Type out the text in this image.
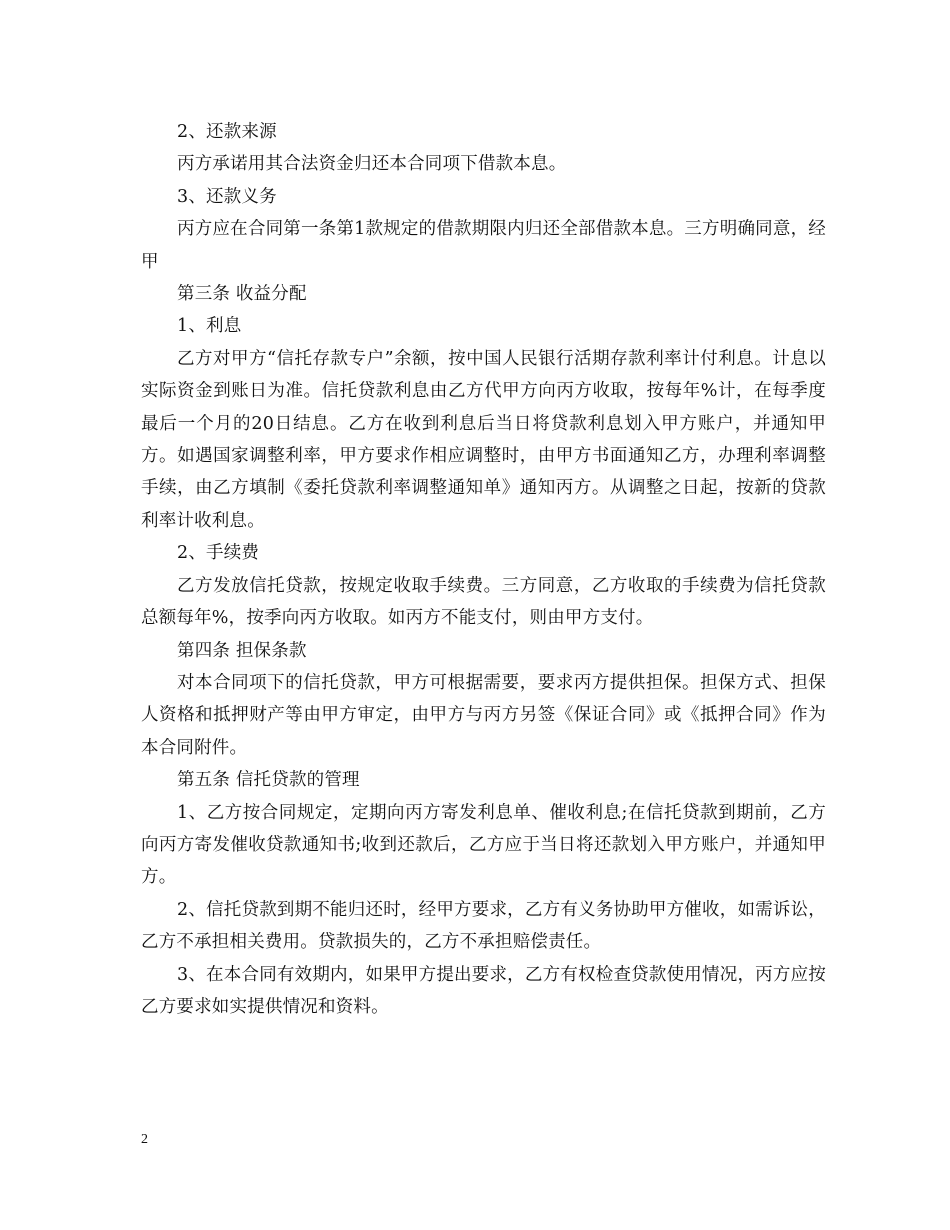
2、还款来源

丙方承诺用其合法资金归还本合同项下借款本息。

3、还款义务

丙方应在合同第一条第1款规定的借款期限内归还全部借款本息。三方明确同意，经甲

第三条 收益分配

1、利息

乙方对甲方“信托存款专户”余额，按中国人民银行活期存款利率计付利息。计息以实际资金到账日为准。信托贷款利息由乙方代甲方向丙方收取，按每年%计，在每季度最后一个月的20日结息。乙方在收到利息后当日将贷款利息划入甲方账户，并通知甲方。如遇国家调整利率，甲方要求作相应调整时，由甲方书面通知乙方，办理利率调整手续，由乙方填制《委托贷款利率调整通知单》通知丙方。从调整之日起，按新的贷款利率计收利息。

2、手续费

乙方发放信托贷款，按规定收取手续费。三方同意，乙方收取的手续费为信托贷款总额每年%，按季向丙方收取。如丙方不能支付，则由甲方支付。

第四条 担保条款

对本合同项下的信托贷款，甲方可根据需要，要求丙方提供担保。担保方式、担保人资格和抵押财产等由甲方审定，由甲方与丙方另签《保证合同》或《抵押合同》作为本合同附件。

第五条 信托贷款的管理

1、乙方按合同规定，定期向丙方寄发利息单、催收利息;在信托贷款到期前，乙方向丙方寄发催收贷款通知书;收到还款后，乙方应于当日将还款划入甲方账户，并通知甲方。

2、信托贷款到期不能归还时，经甲方要求，乙方有义务协助甲方催收，如需诉讼，乙方不承担相关费用。贷款损失的，乙方不承担赔偿责任。

3、在本合同有效期内，如果甲方提出要求，乙方有权检查贷款使用情况，丙方应按乙方要求如实提供情况和资料。

2
